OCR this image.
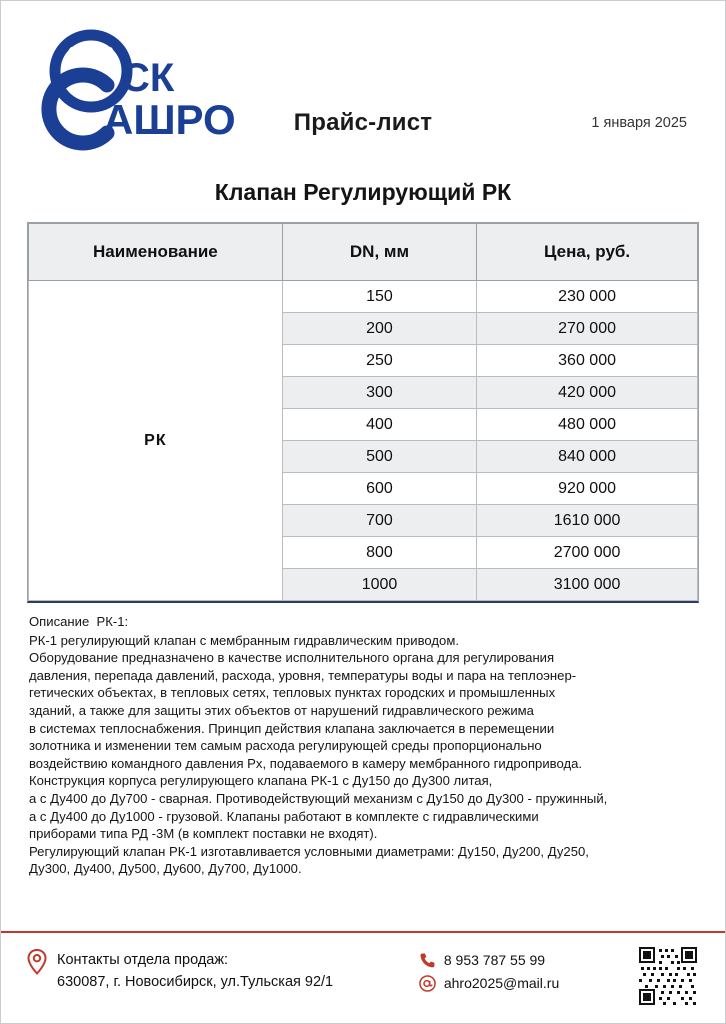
СК
АШРО	Прайс-лист	1 января 2025
Клапан Регулирующий РК
Наименование	DN, мм	Цена, руб.
РК	150	230 000
	200	270 000
	250	360 000
	300	420 000
	400	480 000
	500	840 000
	600	920 000
	700	1610 000
	800	2700 000
	1000	3100 000
Описание  РК-1:
РК-1 регулирующий клапан с мембранным гидравлическим приводом.
Оборудование предназначено в качестве исполнительного органа для регулирования
давления, перепада давлений, расхода, уровня, температуры воды и пара на теплоэнер-
гетических объектах, в тепловых сетях, тепловых пунктах городских и промышленных
зданий, а также для защиты этих объектов от нарушений гидравлического режима
в системах теплоснабжения. Принцип действия клапана заключается в перемещении
золотника и изменении тем самым расхода регулирующей среды пропорционально
воздействию командного давления Рх, подаваемого в камеру мембранного гидропривода.
Конструкция корпуса регулирующего клапана РК-1 с Ду150 до Ду300 литая,
а с Ду400 до Ду700 - сварная. Противодействующий механизм с Ду150 до Ду300 - пружинный,
а с Ду400 до Ду1000 - грузовой. Клапаны работают в комплекте с гидравлическими
приборами типа РД -3М (в комплект поставки не входят).
Регулирующий клапан РК-1 изготавливается условными диаметрами: Ду150, Ду200, Ду250,
Ду300, Ду400, Ду500, Ду600, Ду700, Ду1000.
Контакты отдела продаж:
630087, г. Новосибирск, ул.Тульская 92/1
8 953 787 55 99
ahro2025@mail.ru
